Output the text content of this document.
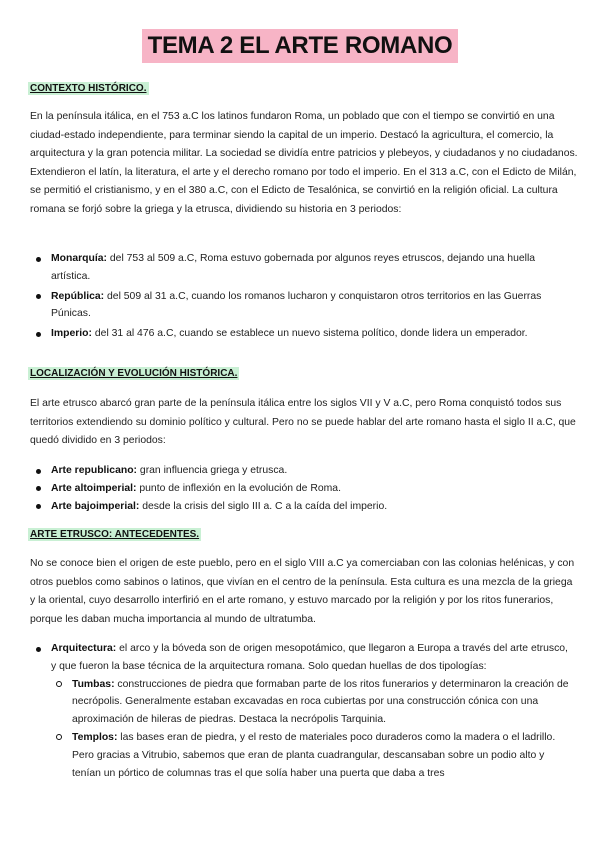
TEMA 2 EL ARTE ROMANO
CONTEXTO HISTÓRICO.

En la península itálica, en el 753 a.C los latinos fundaron Roma, un poblado que con el tiempo se convirtió en una ciudad-estado independiente, para terminar siendo la capital de un imperio. Destacó la agricultura, el comercio, la arquitectura y la gran potencia militar. La sociedad se dividía entre patricios y plebeyos, y ciudadanos y no ciudadanos. Extendieron el latín, la literatura, el arte y el derecho romano por todo el imperio. En el 313 a.C, con el Edicto de Milán, se permitió el cristianismo, y en el 380 a.C, con el Edicto de Tesalónica, se convirtió en la religión oficial. La cultura romana se forjó sobre la griega y la etrusca, dividiendo su historia en 3 periodos:

Monarquía: del 753 al 509 a.C, Roma estuvo gobernada por algunos reyes etruscos, dejando una huella artística.
República: del 509 al 31 a.C, cuando los romanos lucharon y conquistaron otros territorios en las Guerras Púnicas.
Imperio: del 31 al 476 a.C, cuando se establece un nuevo sistema político, donde lidera un emperador.
LOCALIZACIÓN Y EVOLUCIÓN HISTÓRICA.

El arte etrusco abarcó gran parte de la península itálica entre los siglos VII y V a.C, pero Roma conquistó todos sus territorios extendiendo su dominio político y cultural. Pero no se puede hablar del arte romano hasta el siglo II a.C, que quedó dividido en 3 periodos:

Arte republicano: gran influencia griega y etrusca.
Arte altoimperial: punto de inflexión en la evolución de Roma.
Arte bajoimperial: desde la crisis del siglo III a. C a la caída del imperio.
ARTE ETRUSCO: ANTECEDENTES.

No se conoce bien el origen de este pueblo, pero en el siglo VIII a.C ya comerciaban con las colonias helénicas, y con otros pueblos como sabinos o latinos, que vivían en el centro de la península. Esta cultura es una mezcla de la griega y la oriental, cuyo desarrollo interfirió en el arte romano, y estuvo marcado por la religión y por los ritos funerarios, porque les daban mucha importancia al mundo de ultratumba.

Arquitectura: el arco y la bóveda son de origen mesopotámico, que llegaron a Europa a través del arte etrusco, y que fueron la base técnica de la arquitectura romana. Solo quedan huellas de dos tipologías:
Tumbas: construcciones de piedra que formaban parte de los ritos funerarios y determinaron la creación de necrópolis. Generalmente estaban excavadas en roca cubiertas por una construcción cónica con una aproximación de hileras de piedras. Destaca la necrópolis Tarquinia.
Templos: las bases eran de piedra, y el resto de materiales poco duraderos como la madera o el ladrillo. Pero gracias a Vitrubio, sabemos que eran de planta cuadrangular, descansaban sobre un podio alto y tenían un pórtico de columnas tras el que solía haber una puerta que daba a tres
